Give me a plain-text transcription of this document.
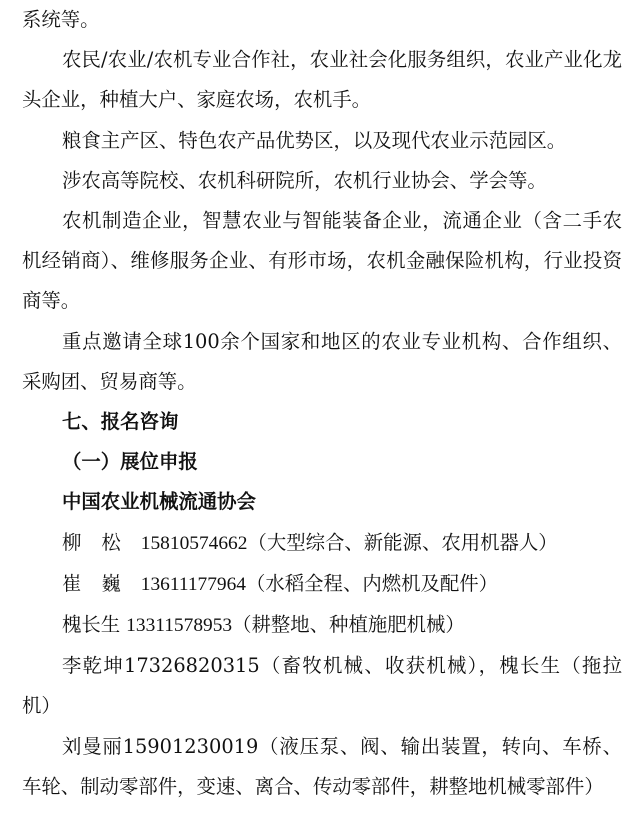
系统等。

农民/农业/农机专业合作社，农业社会化服务组织，农业产业化龙头企业，种植大户、家庭农场，农机手。

粮食主产区、特色农产品优势区，以及现代农业示范园区。

涉农高等院校、农机科研院所，农机行业协会、学会等。

农机制造企业，智慧农业与智能装备企业，流通企业（含二手农机经销商）、维修服务企业、有形市场，农机金融保险机构，行业投资商等。

重点邀请全球100余个国家和地区的农业专业机构、合作组织、采购团、贸易商等。

七、报名咨询

（一）展位申报

中国农业机械流通协会

柳松15810574662（大型综合、新能源、农用机器人）

崔巍13611177964（水稻全程、内燃机及配件）

槐长生 13311578953（耕整地、种植施肥机械）

李乾坤17326820315（畜牧机械、收获机械），槐长生（拖拉机）

刘曼丽15901230019（液压泵、阀、输出装置，转向、车桥、车轮、制动零部件，变速、离合、传动零部件，耕整地机械零部件）
